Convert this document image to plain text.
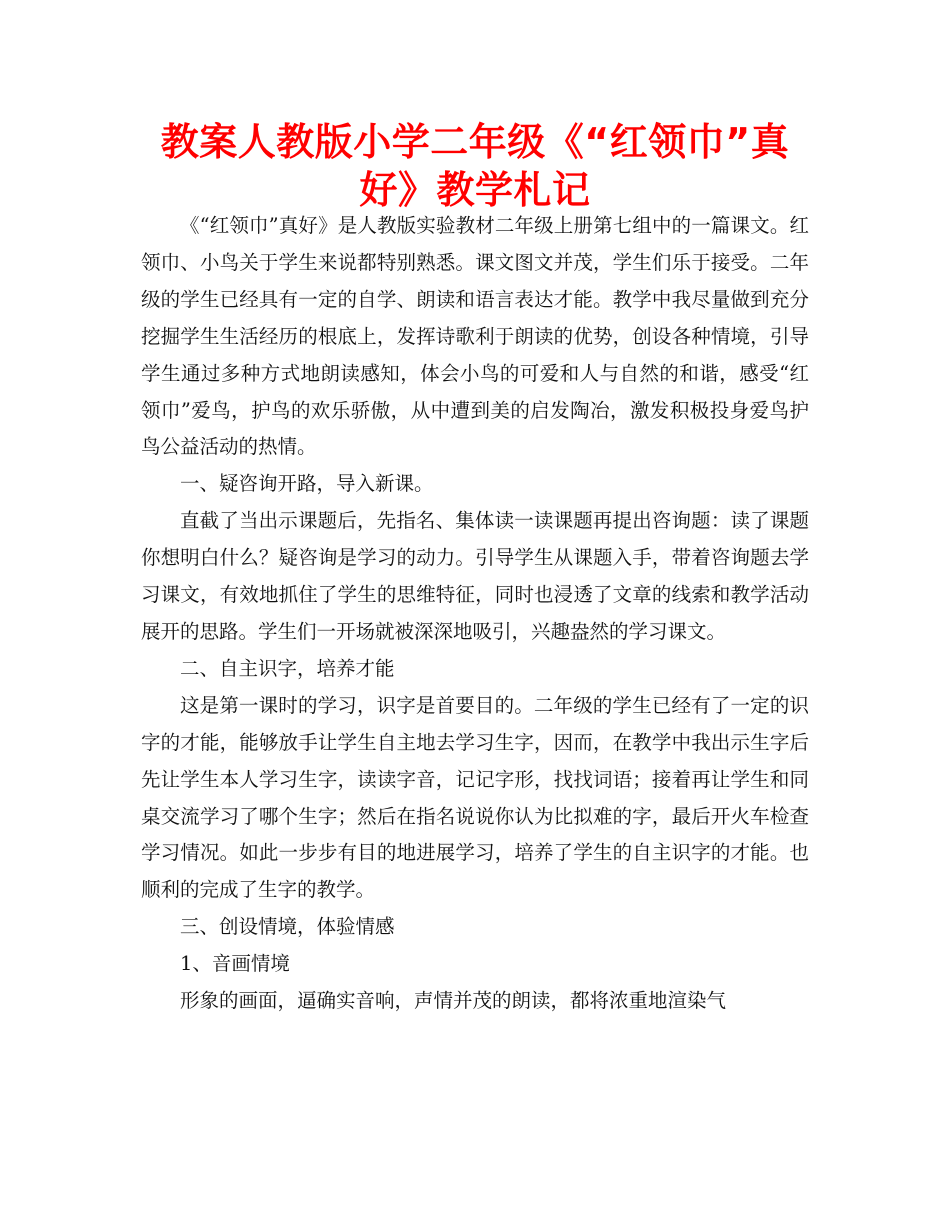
教案人教版小学二年级《“红领巾”真好》教学札记

《“红领巾”真好》是人教版实验教材二年级上册第七组中的一篇课文。红领巾、小鸟关于学生来说都特别熟悉。课文图文并茂，学生们乐于接受。二年级的学生已经具有一定的自学、朗读和语言表达才能。教学中我尽量做到充分挖掘学生生活经历的根底上，发挥诗歌利于朗读的优势，创设各种情境，引导学生通过多种方式地朗读感知，体会小鸟的可爱和人与自然的和谐，感受“红领巾”爱鸟，护鸟的欢乐骄傲，从中遭到美的启发陶冶，激发积极投身爱鸟护鸟公益活动的热情。

一、疑咨询开路，导入新课。

直截了当出示课题后，先指名、集体读一读课题再提出咨询题：读了课题你想明白什么？疑咨询是学习的动力。引导学生从课题入手，带着咨询题去学习课文，有效地抓住了学生的思维特征，同时也浸透了文章的线索和教学活动展开的思路。学生们一开场就被深深地吸引，兴趣盎然的学习课文。

二、自主识字，培养才能

这是第一课时的学习，识字是首要目的。二年级的学生已经有了一定的识字的才能，能够放手让学生自主地去学习生字，因而，在教学中我出示生字后先让学生本人学习生字，读读字音，记记字形，找找词语；接着再让学生和同桌交流学习了哪个生字；然后在指名说说你认为比拟难的字，最后开火车检查学习情况。如此一步步有目的地进展学习，培养了学生的自主识字的才能。也顺利的完成了生字的教学。

三、创设情境，体验情感

1、音画情境

形象的画面，逼确实音响，声情并茂的朗读，都将浓重地渲染气
